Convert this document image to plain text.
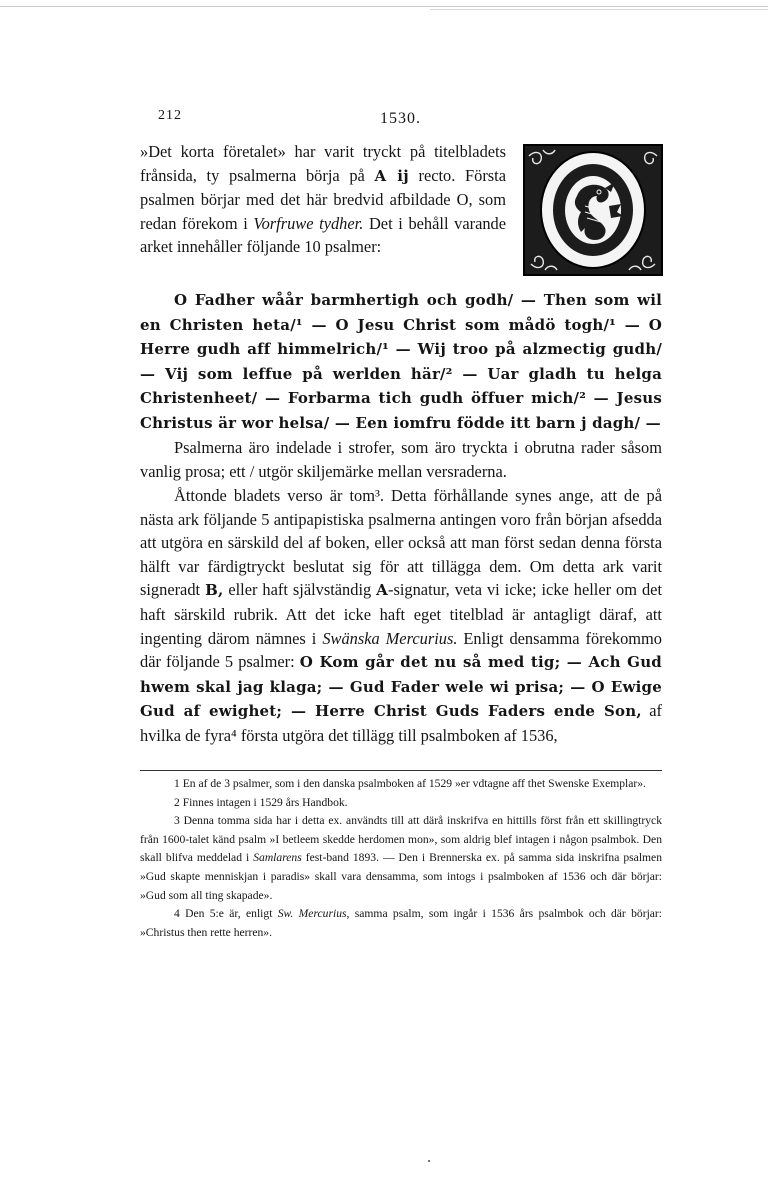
212	1530.

»Det korta företalet» har varit tryckt på titelbladets frånsida, ty psalmerna börja på A ij recto. Första psalmen börjar med det här bredvid afbildade O, som redan förekom i Vorfruwe tydher. Det i behåll varande arket innehåller följande 10 psalmer:

O Fadher wåår barmhertigh och godh/ — Then som wil en Christen heta/¹ — O Jesu Christ som mådö togh/¹ — O Herre gudh aff himmelrich/¹ — Wij troo på alzmectig gudh/ — Vij som leffue på werlden här/² — Uar gladh tu helga Christenheet/ — Forbarma tich gudh öffuer mich/² — Jesus Christus är wor helsa/ — Een iomfru födde itt barn j dagh/ —

Psalmerna äro indelade i strofer, som äro tryckta i obrutna rader såsom vanlig prosa; ett / utgör skiljemärke mellan versraderna.

Åttonde bladets verso är tom³. Detta förhållande synes ange, att de på nästa ark följande 5 antipapistiska psalmerna antingen voro från början afsedda att utgöra en särskild del af boken, eller också att man först sedan denna första hälft var färdigtryckt beslutat sig för att tillägga dem. Om detta ark varit signeradt B, eller haft självständig A-signatur, veta vi icke; icke heller om det haft särskild rubrik. Att det icke haft eget titelblad är antagligt däraf, att ingenting därom nämnes i Swänska Mercurius. Enligt densamma förekommo där följande 5 psalmer: O Kom går det nu så med tig; — Ach Gud hwem skal jag klaga; — Gud Fader wele wi prisa; — O Ewige Gud af ewighet; — Herre Christ Guds Faders ende Son, af hvilka de fyra⁴ första utgöra det tillägg till psalmboken af 1536,

1 En af de 3 psalmer, som i den danska psalmboken af 1529 »er vdtagne aff thet Swenske Exemplar».

2 Finnes intagen i 1529 års Handbok.

3 Denna tomma sida har i detta ex. användts till att därå inskrifva en hittills först från ett skillingtryck från 1600-talet känd psalm »I betleem skedde herdomen mon», som aldrig blef intagen i någon psalmbok. Den skall blifva meddelad i Samlarens fest-band 1893. — Den i Brennerska ex. på samma sida inskrifna psalmen »Gud skapte menniskjan i paradis» skall vara densamma, som intogs i psalmboken af 1536 och där börjar: »Gud som all ting skapade».

4 Den 5:e är, enligt Sw. Mercurius, samma psalm, som ingår i 1536 års psalmbok och där börjar: »Christus then rette herren».
